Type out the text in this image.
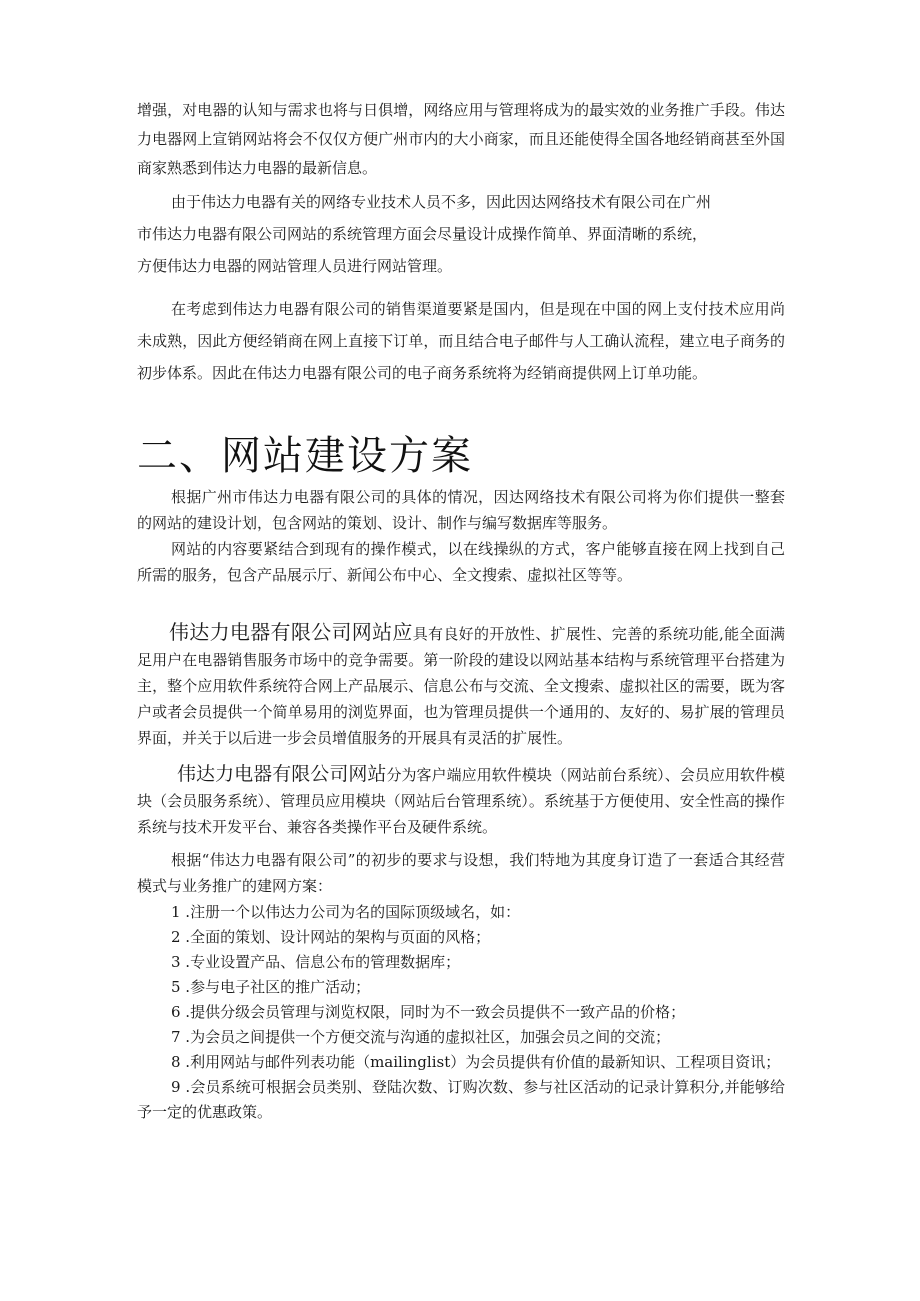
增强，对电器的认知与需求也将与日俱增，网络应用与管理将成为的最实效的业务推广手段。伟达力电器网上宣销网站将会不仅仅方便广州市内的大小商家，而且还能使得全国各地经销商甚至外国商家熟悉到伟达力电器的最新信息。

由于伟达力电器有关的网络专业技术人员不多，因此因达网络技术有限公司在广州
市伟达力电器有限公司网站的系统管理方面会尽量设计成操作简单、界面清晰的系统，
方便伟达力电器的网站管理人员进行网站管理。

在考虑到伟达力电器有限公司的销售渠道要紧是国内，但是现在中国的网上支付技术应用尚未成熟，因此方便经销商在网上直接下订单，而且结合电子邮件与人工确认流程，建立电子商务的初步体系。因此在伟达力电器有限公司的电子商务系统将为经销商提供网上订单功能。

二、网站建设方案

根据广州市伟达力电器有限公司的具体的情况，因达网络技术有限公司将为你们提供一整套的网站的建设计划，包含网站的策划、设计、制作与编写数据库等服务。

网站的内容要紧结合到现有的操作模式，以在线操纵的方式，客户能够直接在网上找到自己所需的服务，包含产品展示厅、新闻公布中心、全文搜索、虚拟社区等等。

伟达力电器有限公司网站应具有良好的开放性、扩展性、完善的系统功能,能全面满足用户在电器销售服务市场中的竞争需要。第一阶段的建设以网站基本结构与系统管理平台搭建为主，整个应用软件系统符合网上产品展示、信息公布与交流、全文搜索、虚拟社区的需要，既为客户或者会员提供一个简单易用的浏览界面，也为管理员提供一个通用的、友好的、易扩展的管理员界面，并关于以后进一步会员增值服务的开展具有灵活的扩展性。

伟达力电器有限公司网站分为客户端应用软件模块（网站前台系统）、会员应用软件模块（会员服务系统）、管理员应用模块（网站后台管理系统）。系统基于方便使用、安全性高的操作系统与技术开发平台、兼容各类操作平台及硬件系统。

根据“伟达力电器有限公司”的初步的要求与设想，我们特地为其度身订造了一套适合其经营模式与业务推广的建网方案：

1 .注册一个以伟达力公司为名的国际顶级域名，如：
2 .全面的策划、设计网站的架构与页面的风格；
3 .专业设置产品、信息公布的管理数据库；
5 .参与电子社区的推广活动；
6 .提供分级会员管理与浏览权限，同时为不一致会员提供不一致产品的价格；
7 .为会员之间提供一个方便交流与沟通的虚拟社区，加强会员之间的交流；
8 .利用网站与邮件列表功能（mailinglist）为会员提供有价值的最新知识、工程项目资讯；
9 .会员系统可根据会员类别、登陆次数、订购次数、参与社区活动的记录计算积分,并能够给予一定的优惠政策。
